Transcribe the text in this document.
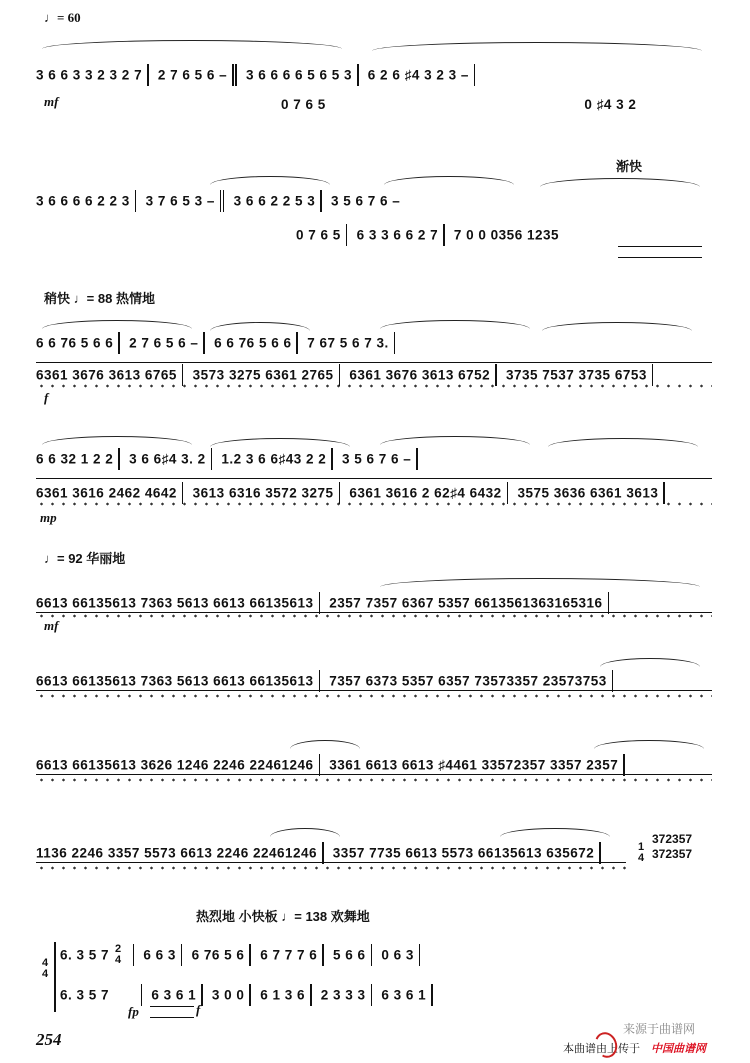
♩= 60
3 6 6 3 3 2 3 2 7 2 7 6 5 6 – 3 6 6 6 6 5 6 5 3 6 2 6 ♯4 3 2 3 –
0 7 6 5	0 ♯4 3 2
mf
渐快
3 6 6 6 6 2 2 3 3 7 6 5 3 – 3 6 6 2 2 5 3 3 5 6 7 6 –
0 7 6 5 6 3 3 6 6 2 7 7 0 0 0356 1235
稍快 ♩= 88 热情地
6 6 76 5 6 6 2 7 6 5 6 – 6 6 76 5 6 6 7 67 5 6 7 3.
6361 3676 3613 6765 3573 3275 6361 2765 6361 3676 3613 6752 3735 7537 3735 6753
f
6 6 32 1 2 2 3 6 6♯4 3. 2 1.2 3 6 6♯43 2 2 3 5 6 7 6 –
6361 3616 2462 4642 3613 6316 3572 3275 6361 3616 2 62♯4 6432 3575 3636 6361 3613
mp
♩= 92 华丽地
6613 66135613 7363 5613 6613 66135613 2357 7357 6367 5357 6613561363165316
mf
6613 66135613 7363 5613 6613 66135613 7357 6373 5357 6357 73573357 23573753
6613 66135613 3626 1246 2246 22461246 3361 6613 6613 ♯4461 33572357 3357 2357
1136 2246 3357 5573 6613 2246 22461246 3357 7735 6613 5573 66135613 635672	1
4
372357
372357
热烈地 小快板 ♩= 138 欢舞地
4
4
6. 3 5 7 2
4 6 6 3 6 76 5 6 6 7 7 7 6 5 6 6 0 6 3
6. 3 5 7	6 3 6 1 3 0 0 6 1 3 6 2 3 3 3 6 3 6 1
fp	f
254
来源于曲谱网
本曲谱由上传于 中国曲谱网
